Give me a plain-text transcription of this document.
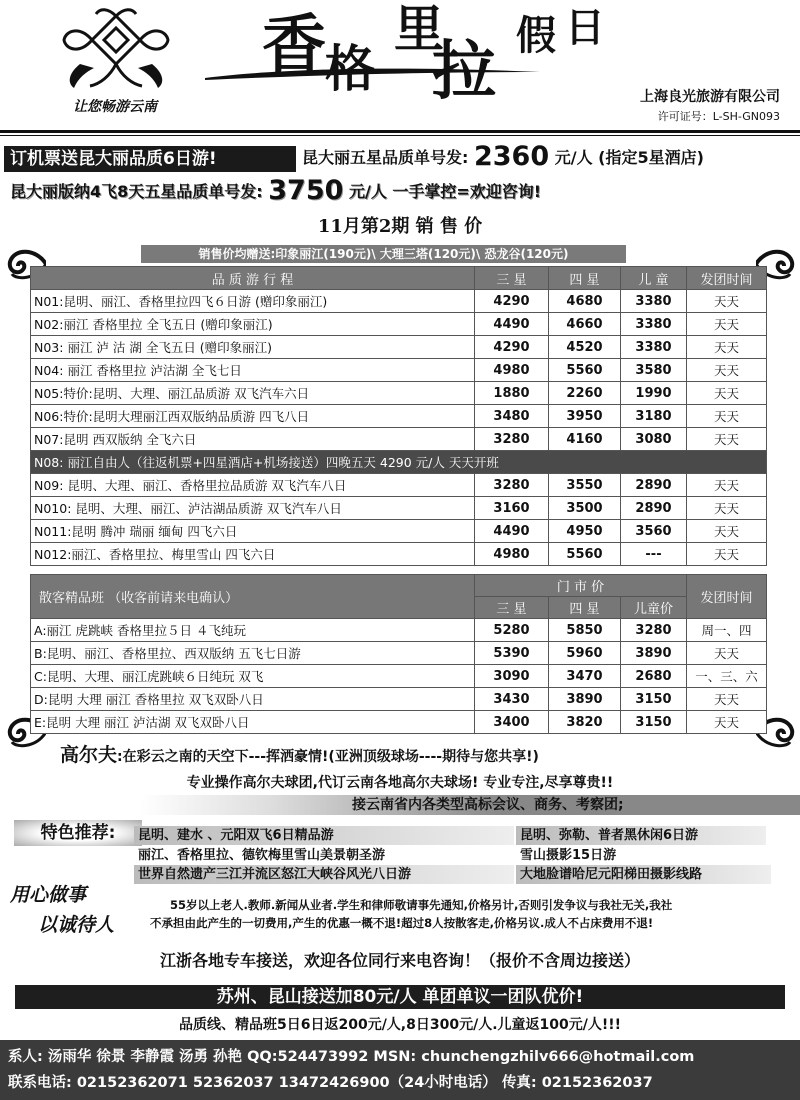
让您畅游云南
香 格
里
拉 假 日
上海良光旅游有限公司
许可证号：L-SH-GN093
订机票送昆大丽品质6日游!	昆大丽五星品质单号发: 2360 元/人 (指定5星酒店)
昆大丽版纳4飞8天五星品质单号发: 3750 元/人 一手掌控=欢迎咨询!
11月第2期 销 售 价
销售价均赠送:印象丽江(190元)\ 大理三塔(120元)\ 恐龙谷(120元)
品 质 游 行 程	三 星	四 星	儿 童	发团时间
N01:昆明、丽江、香格里拉四飞６日游 (赠印象丽江)	4290	4680	3380	天天
N02:丽江 香格里拉 全飞五日 (赠印象丽江)	4490	4660	3380	天天
N03: 丽江 泸 沽 湖 全飞五日 (赠印象丽江)	4290	4520	3380	天天
N04: 丽江 香格里拉 泸沽湖 全飞七日	4980	5560	3580	天天
N05:特价:昆明、大理、丽江品质游 双飞汽车六日	1880	2260	1990	天天
N06:特价:昆明大理丽江西双版纳品质游 四飞八日	3480	3950	3180	天天
N07:昆明 西双版纳 全飞六日	3280	4160	3080	天天
N08: 丽江自由人（往返机票+四星酒店+机场接送）四晚五天 4290 元/人 天天开班				
N09: 昆明、大理、丽江、香格里拉品质游 双飞汽车八日	3280	3550	2890	天天
N010: 昆明、大理、丽江、泸沽湖品质游 双飞汽车八日	3160	3500	2890	天天
N011:昆明 腾冲 瑞丽 缅甸 四飞六日	4490	4950	3560	天天
N012:丽江、香格里拉、梅里雪山 四飞六日	4980	5560	---	天天
散客精品班 （收客前请来电确认）	门 市 价			发团时间
	三 星	四 星	儿童价	
A:丽江 虎跳峡 香格里拉５日 ４飞纯玩	5280	5850	3280	周一、四
B:昆明、丽江、香格里拉、西双版纳 五飞七日游	5390	5960	3890	天天
C:昆明、大理、丽江虎跳峡６日纯玩 双飞	3090	3470	2680	一、三、六
D:昆明 大理 丽江 香格里拉 双飞双卧八日	3430	3890	3150	天天
E:昆明 大理 丽江 泸沽湖 双飞双卧八日	3400	3820	3150	天天
高尔夫:在彩云之南的天空下---挥洒豪情!(亚洲顶级球场----期待与您共享!)
专业操作高尔夫球团,代订云南各地高尔夫球场! 专业专注,尽享尊贵!!
接云南省内各类型高标会议、商务、考察团;
特色推荐:	昆明、建水 、元阳双飞6日精品游	昆明、弥勒、普者黑休闲6日游
丽江、香格里拉、德钦梅里雪山美景朝圣游	雪山摄影15日游
世界自然遗产三江并流区怒江大峡谷风光八日游	大地脸谱哈尼元阳梯田摄影线路
用心做事
以诚待人
55岁以上老人.教师.新闻从业者.学生和律师敬请事先通知,价格另计,否则引发争议与我社无关,我社
不承担由此产生的一切费用,产生的优惠一概不退!超过8人按散客走,价格另议.成人不占床费用不退!
江浙各地专车接送，欢迎各位同行来电咨询！（报价不含周边接送）
苏州、昆山接送加80元/人 单团单议一团队优价!
品质线、精品班5日6日返200元/人,8日300元/人.儿童返100元/人!!!
系人: 汤雨华 徐景 李静霞 汤勇 孙艳 QQ:524473992 MSN: chunchengzhilv666@hotmail.com
联系电话: 02152362071 52362037 13472426900（24小时电话） 传真: 02152362037
